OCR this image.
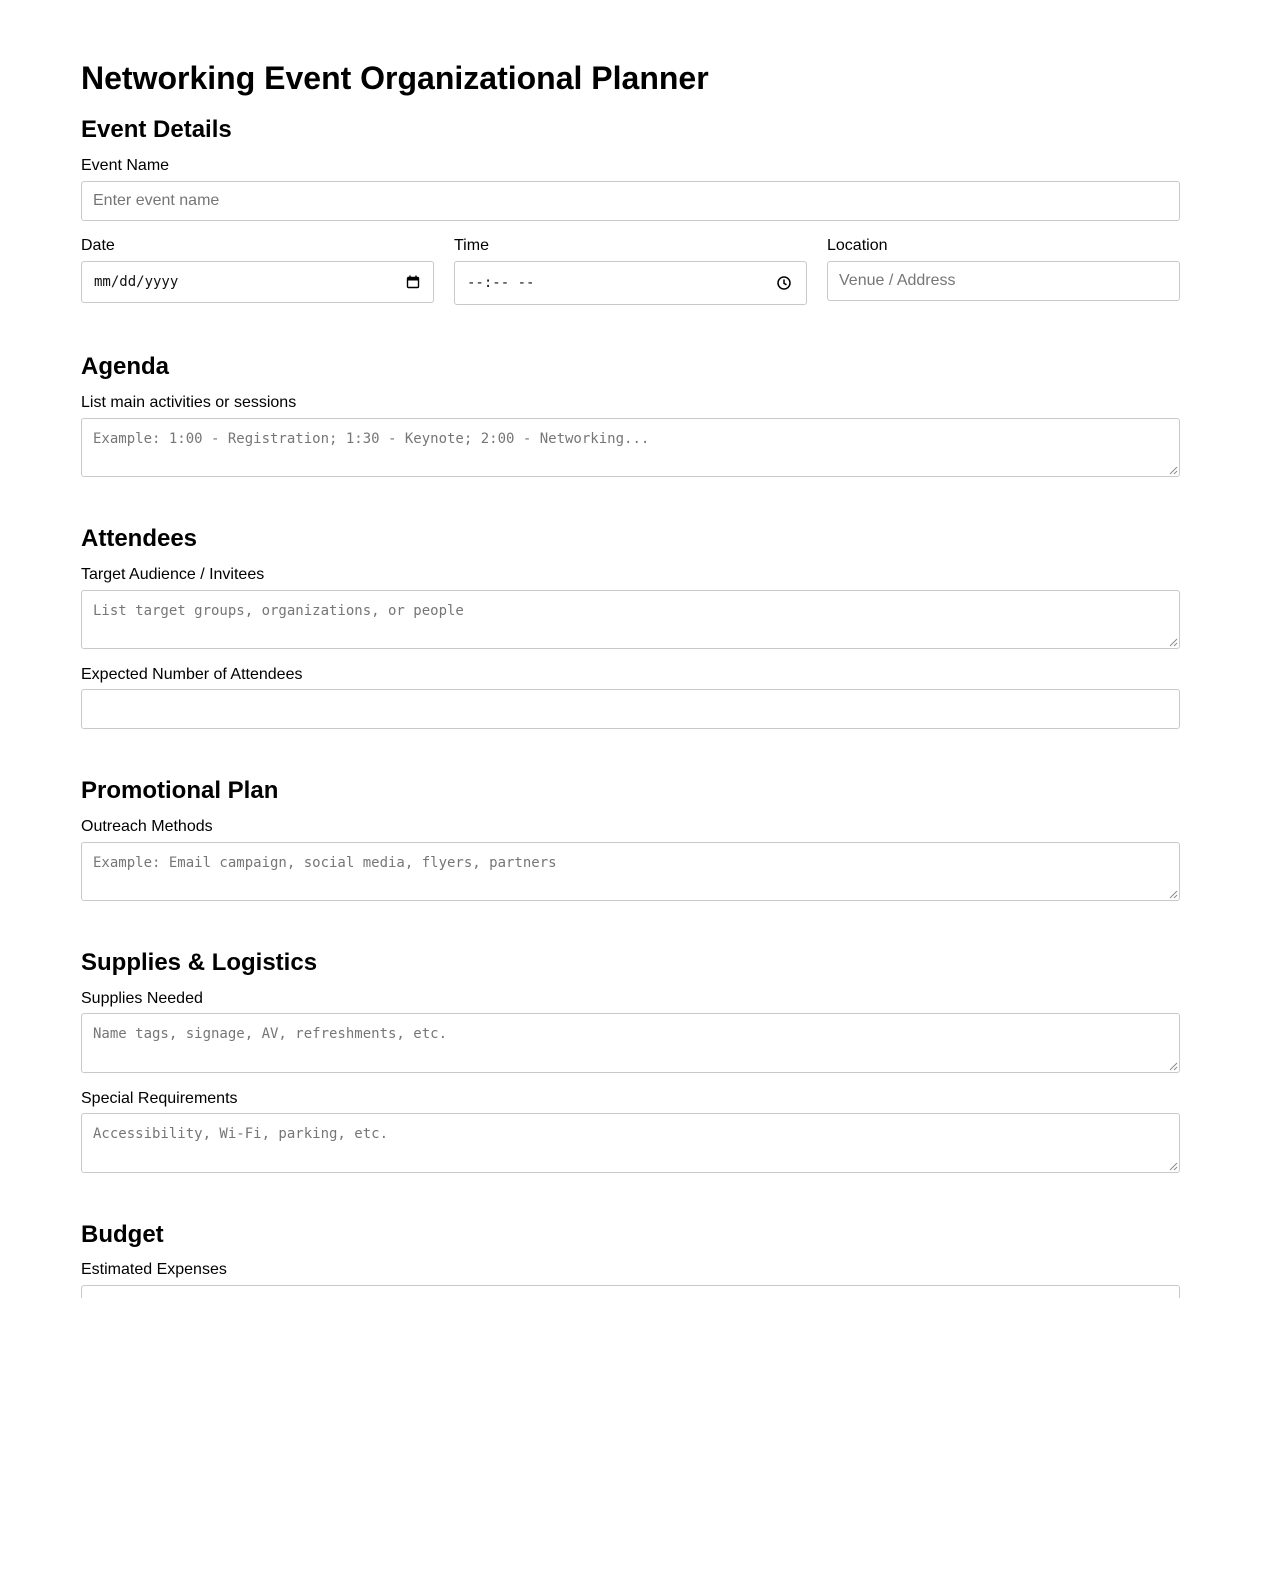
Networking Event Organizational Planner
Event Details
Event Name
Enter event name
Date
mm/dd/yyyy
Time
--:-- --
Location
Venue / Address
Agenda
List main activities or sessions
Example: 1:00 - Registration; 1:30 - Keynote; 2:00 - Networking...
Attendees
Target Audience / Invitees
List target groups, organizations, or people
Expected Number of Attendees
Promotional Plan
Outreach Methods
Example: Email campaign, social media, flyers, partners
Supplies & Logistics
Supplies Needed
Name tags, signage, AV, refreshments, etc.
Special Requirements
Accessibility, Wi-Fi, parking, etc.
Budget
Estimated Expenses
